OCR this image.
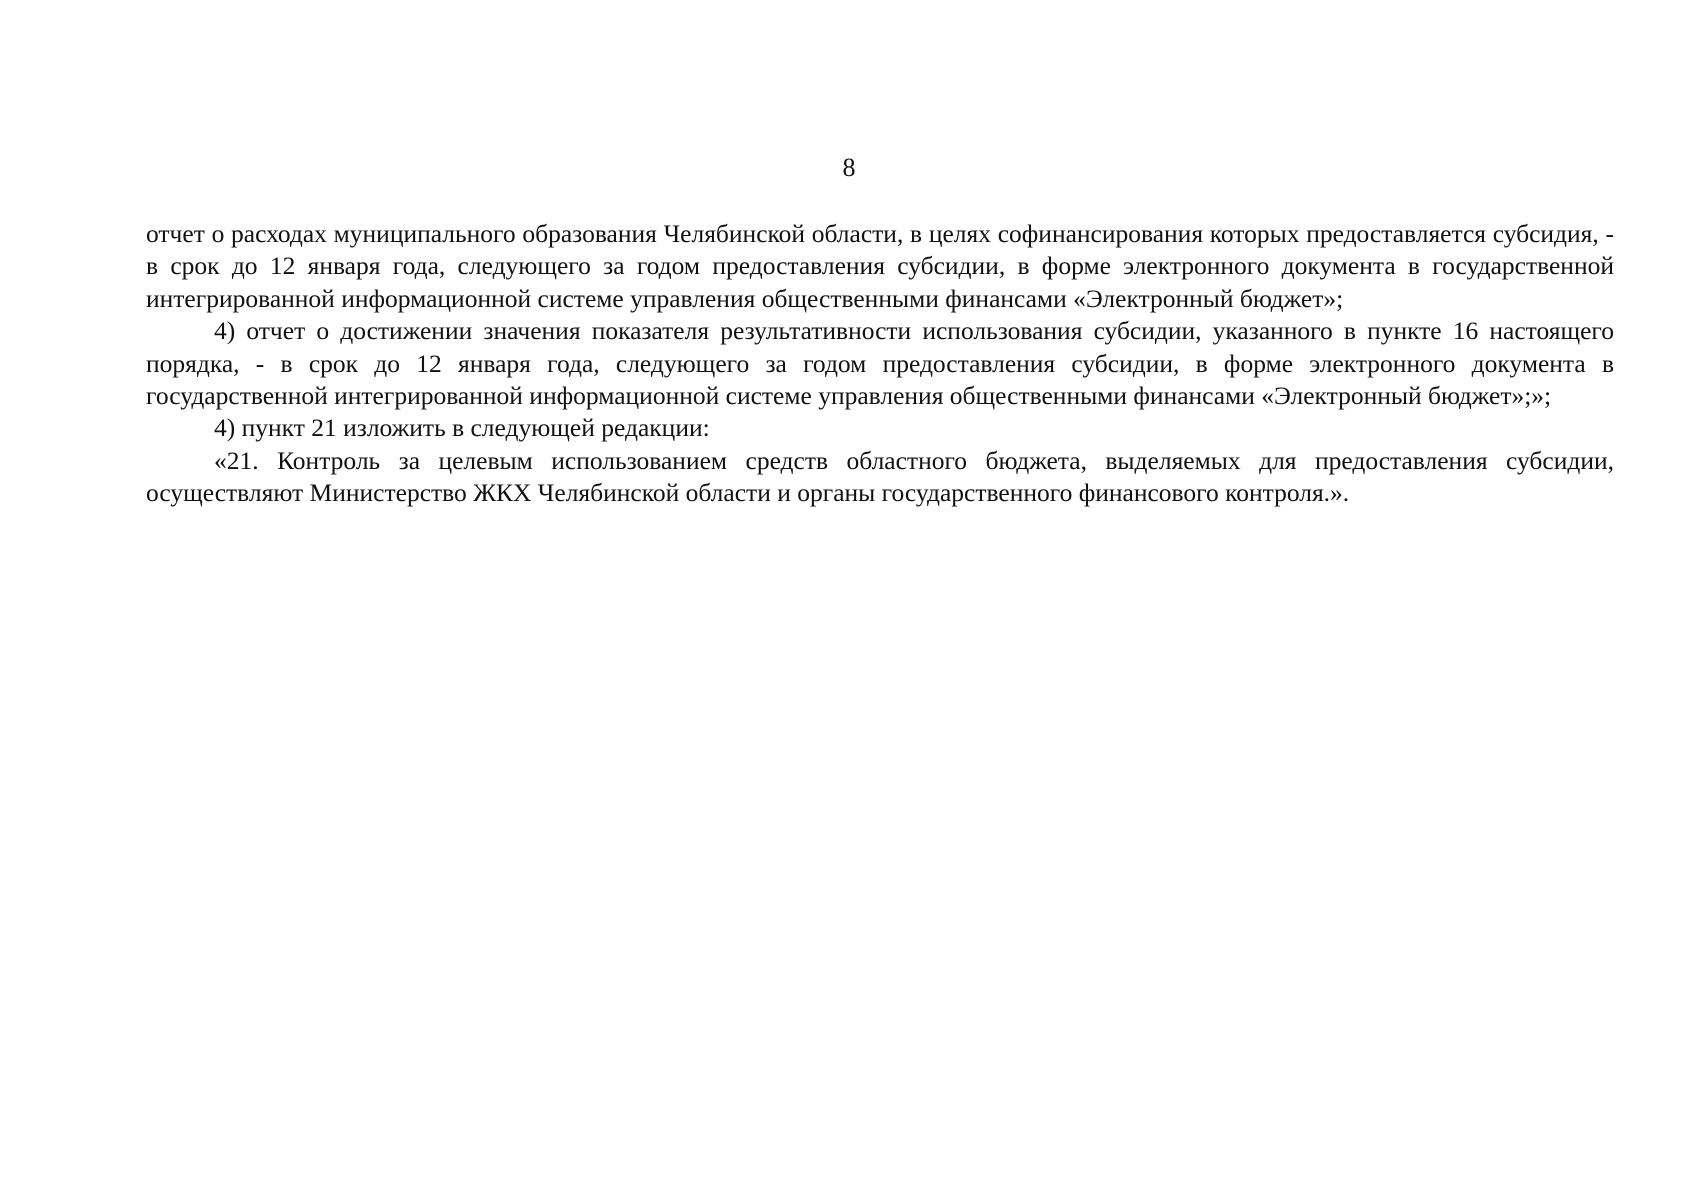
8

отчет о расходах муниципального образования Челябинской области, в целях софинансирования которых предоставляется субсидия, - в срок до 12 января года, следующего за годом предоставления субсидии, в форме электронного документа в государственной интегрированной информационной системе управления общественными финансами «Электронный бюджет»;

4) отчет о достижении значения показателя результативности использования субсидии, указанного в пункте 16 настоящего порядка, - в срок до 12 января года, следующего за годом предоставления субсидии, в форме электронного документа в государственной интегрированной информационной системе управления общественными финансами «Электронный бюджет»;»;

4) пункт 21 изложить в следующей редакции:

«21. Контроль за целевым использованием средств областного бюджета, выделяемых для предоставления субсидии, осуществляют Министерство ЖКХ Челябинской области и органы государственного финансового контроля.».
